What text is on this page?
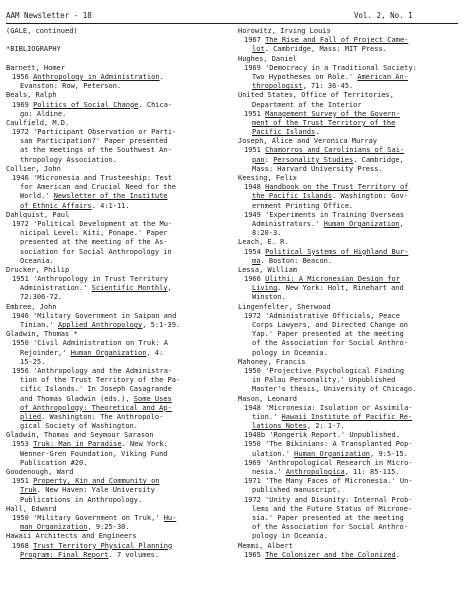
AAM Newsletter - 18	Vol. 2, No. 1
(GALE, continued)
*BIBLIOGRAPHY
Barnett, Homer
1956 Anthropology in Administration.
Evanston: Row, Peterson.
Beals, Ralph
1969 Politics of Social Change. Chica-
go: Aldine.
Caulfield, M.D.
1972 'Participant Observation or Parti-
san Participation?' Paper presented
at the meetings of the Southwest An-
thropology Association.
Collier, John
1946 'Micronesia and Trusteeship: Test
for American and Crucial Need for the
World.' Newsletter of the Institute
of Ethnic Affairs. 4:1-11.
Dahlquist, Paul
1972 'Political Development at the Mu-
nicipal Level: Kiti, Ponape.' Paper
presented at the meeting of the As-
sociation for Social Anthropology in
Oceania.
Drucker, Philip
1951 'Anthropology in Trust Territory
Administration.' Scientific Monthly,
72:306-72.
Embree, John
1946 'Military Government in Saipan and
Tinian.' Applied Anthropology, 5:1-39.
Gladwin, Thomas *
1950 'Civil Administration on Truk: A
Rejoinder,' Human Organization, 4:
15-25.
1956 'Anthropology and the Administra-
tion of the Trust Territory of the Pa-
cific Islands.' In Joseph Casagrande
and Thomas Gladwin (eds.), Some Uses
of Anthropology: Theoretical and Ap-
plied. Washington: The Anthropolo-
gical Society of Washington.
Gladwin, Thomas and Seymour Sarason
1953 Truk: Man in Paradise. New York:
Wenner-Gren Foundation, Viking Fund
Publication #20.
Goodenough, Ward
1951 Property, Kin and Community on
Truk. New Haven: Yale University
Publications in Anthropology.
Hall, Edward
1950 'Military Government on Truk,' Hu-
man Organization, 9:25-30.
Hawaii Architects and Engineers
1968 Trust Territory Physical Planning
Program: Final Report. 7 volumes.
Horowitz, Irving Louis
1967 The Rise and Fall of Project Came-
lot. Cambridge, Mass: MIT Press.
Hughes, Daniel
1969 'Democracy in a Traditional Society:
Two Hypotheses on Role.' American An-
thropologist, 71: 36-45.
United States, Office of Territories,
Department of the Interior
1951 Management Survey of the Govern-
ment of the Trust Territory of the
Pacific Islands.
Joseph, Alice and Veronica Murray
1951 Chamorros and Carolinians of Sai-
pan: Personality Studies. Cambridge,
Mass: Harvard University Press.
Keesing, Felix
1948 Handbook on the Trust Territory of
the Pacific Islands. Washington: Gov-
ernment Printing Office.
1949 'Experiments in Training Overseas
Administrators.' Human Organization,
8:20-3.
Leach, E. R.
1954 Political Systems of Highland Bur-
ma. Boston: Beacon.
Lessa, William
1966 Ulithi: A Micronesian Design for
Living. New York: Holt, Rinehart and
Winston.
Lingenfelter, Sherwood
1972 'Administrative Officials, Peace
Corps Lawyers, and Directed Change on
Yap.' Paper presented at the meeting
of the Association for Social Anthro-
pology in Oceania.
Mahoney, Francis
1950 'Projective Psychological Finding
in Palau Personality.' Unpublished
Master's thesis, University of Chicago.
Mason, Leonard
1948 'Micronesia: Isolation or Assimila-
tion.' Hawaii Institute of Pacific Re-
lations Notes, 2: 1-7.
1948b 'Rongerik Report.' Unpublished.
1950 'The Bikinians: A Transplanted Pop-
ulation.' Human Organization, 9:5-15.
1969 'Anthropological Research in Micro-
nesia.' Anthropologica, 11: 85-115.
1971 'The Many Faces of Micronesia.' Un-
published manuscript.
1972 'Unity and Disunity: Internal Prob-
lems and the Future Status of Microne-
sia.' Paper presented at the meeting
of the Association for Social Anthro-
pology in Oceania.
Memmi, Albert
1965 The Colonizer and the Colonized.
